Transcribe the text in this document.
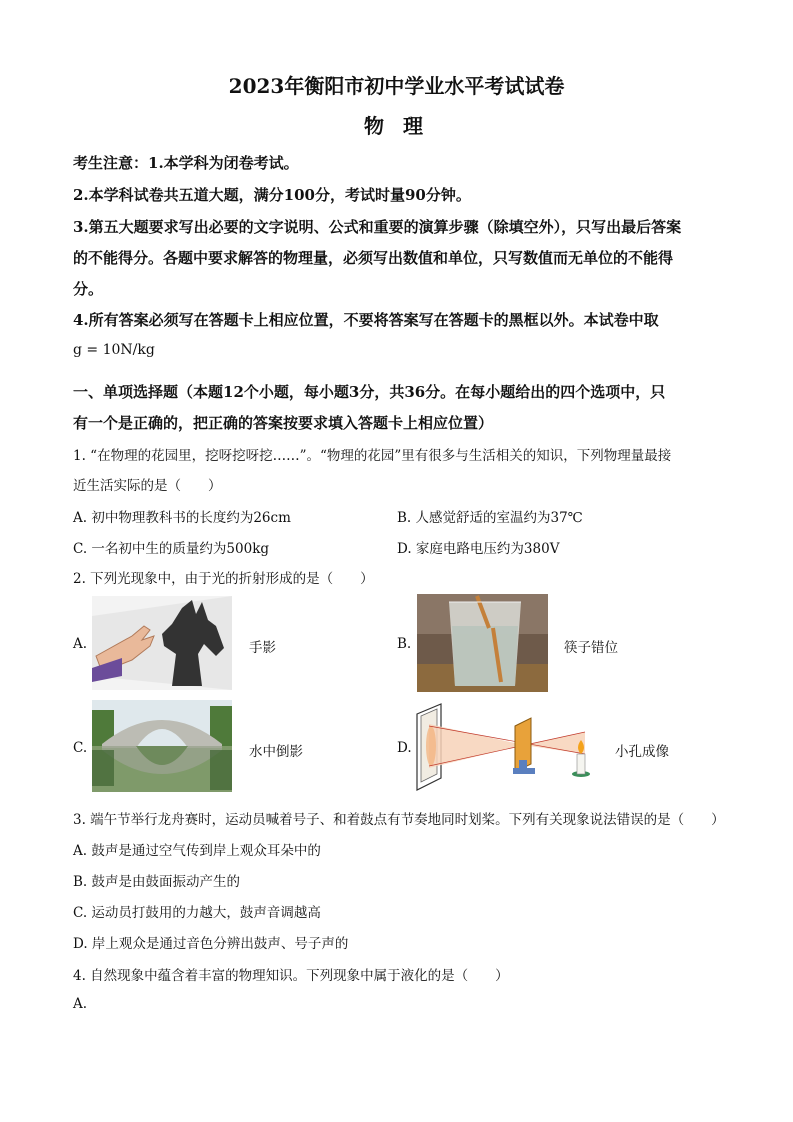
2023年衡阳市初中学业水平考试试卷
物 理
考生注意：1.本学科为闭卷考试。
2.本学科试卷共五道大题，满分100分，考试时量90分钟。
3.第五大题要求写出必要的文字说明、公式和重要的演算步骤（除填空外），只写出最后答案
的不能得分。各题中要求解答的物理量，必须写出数值和单位，只写数值而无单位的不能得
分。
4.所有答案必须写在答题卡上相应位置，不要将答案写在答题卡的黑框以外。本试卷中取
g = 10N/kg
一、单项选择题（本题12个小题，每小题3分，共36分。在每小题给出的四个选项中，只
有一个是正确的，把正确的答案按要求填入答题卡上相应位置）
1. “在物理的花园里，挖呀挖呀挖……”。“物理的花园”里有很多与生活相关的知识，下列物理量最接
近生活实际的是（　　）
A. 初中物理教科书的长度约为26cm	B. 人感觉舒适的室温约为37℃
C. 一名初中生的质量约为500kg	D. 家庭电路电压约为380V
2. 下列光现象中，由于光的折射形成的是（　　）
A.	手影	B.	筷子错位
C.	水中倒影	D.	小孔成像
3. 端午节举行龙舟赛时，运动员喊着号子、和着鼓点有节奏地同时划桨。下列有关现象说法错误的是（　　）
A. 鼓声是通过空气传到岸上观众耳朵中的
B. 鼓声是由鼓面振动产生的
C. 运动员打鼓用的力越大，鼓声音调越高
D. 岸上观众是通过音色分辨出鼓声、号子声的
4. 自然现象中蕴含着丰富的物理知识。下列现象中属于液化的是（　　）
A.
